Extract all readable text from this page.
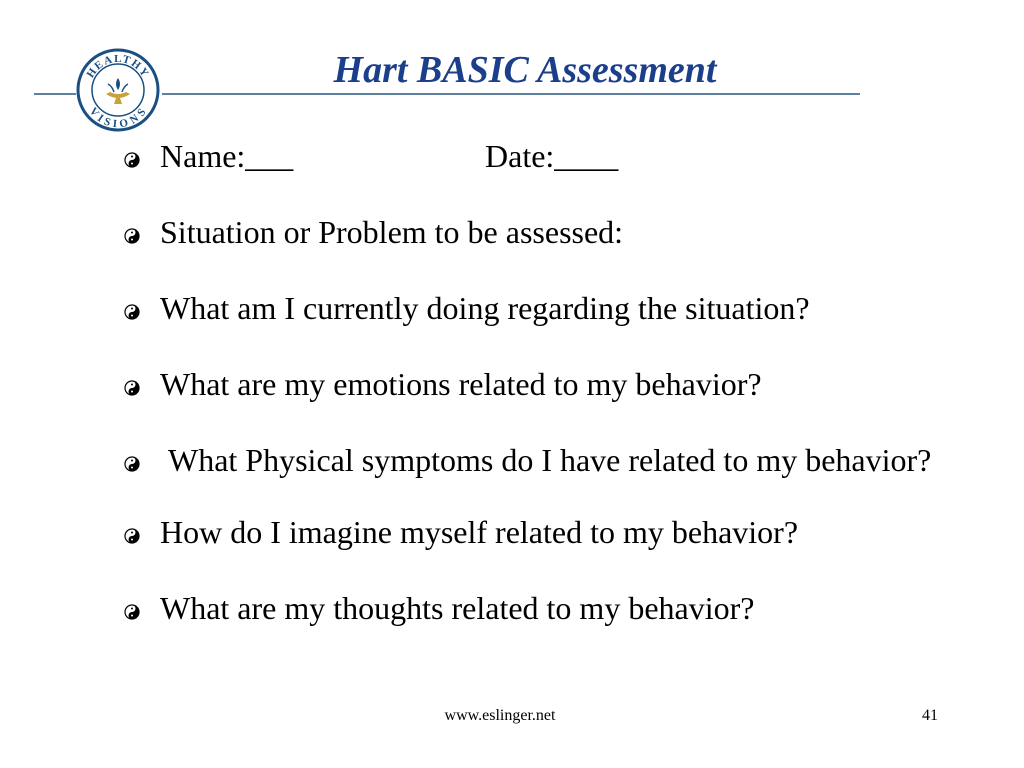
HEALTHY
VISIONS
Hart BASIC Assessment
Name:___	Date:____
Situation or Problem to be assessed:
What am I currently doing regarding the situation?
What are my emotions related to my behavior?
What Physical symptoms do I have related to my behavior?
How do I imagine myself related to my behavior?
What are my thoughts related to my behavior?
www.eslinger.net	41
